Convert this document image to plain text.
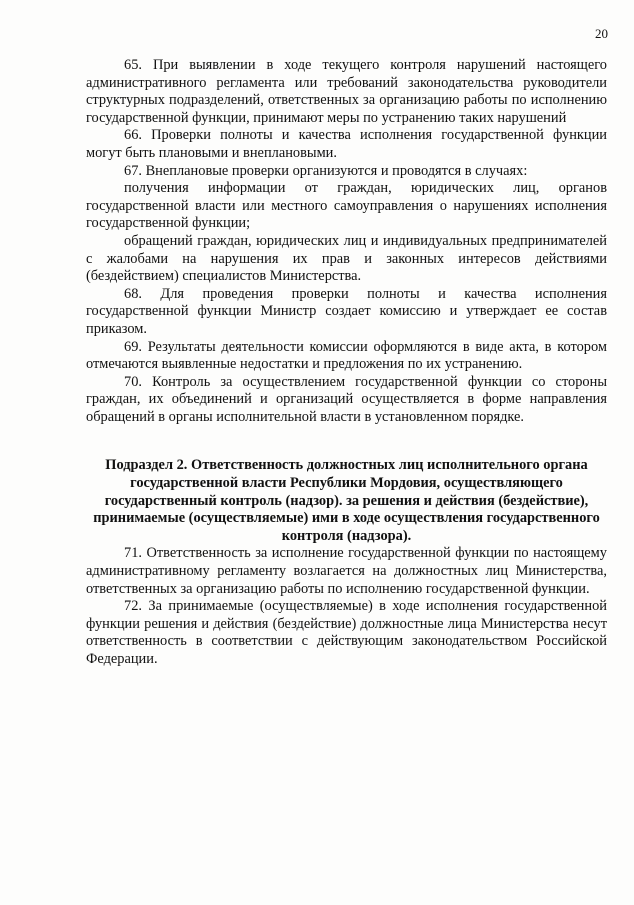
20

65. При выявлении в ходе текущего контроля нарушений настоящего административного регламента или требований законодательства руководители структурных подразделений, ответственных за организацию работы по исполнению государственной функции, принимают меры по устранению таких нарушений

66. Проверки полноты и качества исполнения государственной функции могут быть плановыми и внеплановыми.

67. Внеплановые проверки организуются и проводятся в случаях:

получения информации от граждан, юридических лиц, органов государственной власти или местного самоуправления о нарушениях исполнения государственной функции;

обращений граждан, юридических лиц и индивидуальных предпринимателей с жалобами на нарушения их прав и законных интересов действиями (бездействием) специалистов Министерства.

68. Для проведения проверки полноты и качества исполнения государственной функции Министр создает комиссию и утверждает ее состав приказом.

69. Результаты деятельности комиссии оформляются в виде акта, в котором отмечаются выявленные недостатки и предложения по их устранению.

70. Контроль за осуществлением государственной функции со стороны граждан, их объединений и организаций осуществляется в форме направления обращений в органы исполнительной власти в установленном порядке.

Подраздел 2. Ответственность должностных лиц исполнительного органа государственной власти Республики Мордовия, осуществляющего государственный контроль (надзор). за решения и действия (бездействие), принимаемые (осуществляемые) ими в ходе осуществления государственного контроля (надзора).

71. Ответственность за исполнение государственной функции по настоящему административному регламенту возлагается на должностных лиц Министерства, ответственных за организацию работы по исполнению государственной функции.

72. За принимаемые (осуществляемые) в ходе исполнения государственной функции решения и действия (бездействие) должностные лица Министерства несут ответственность в соответствии с действующим законодательством Российской Федерации.
